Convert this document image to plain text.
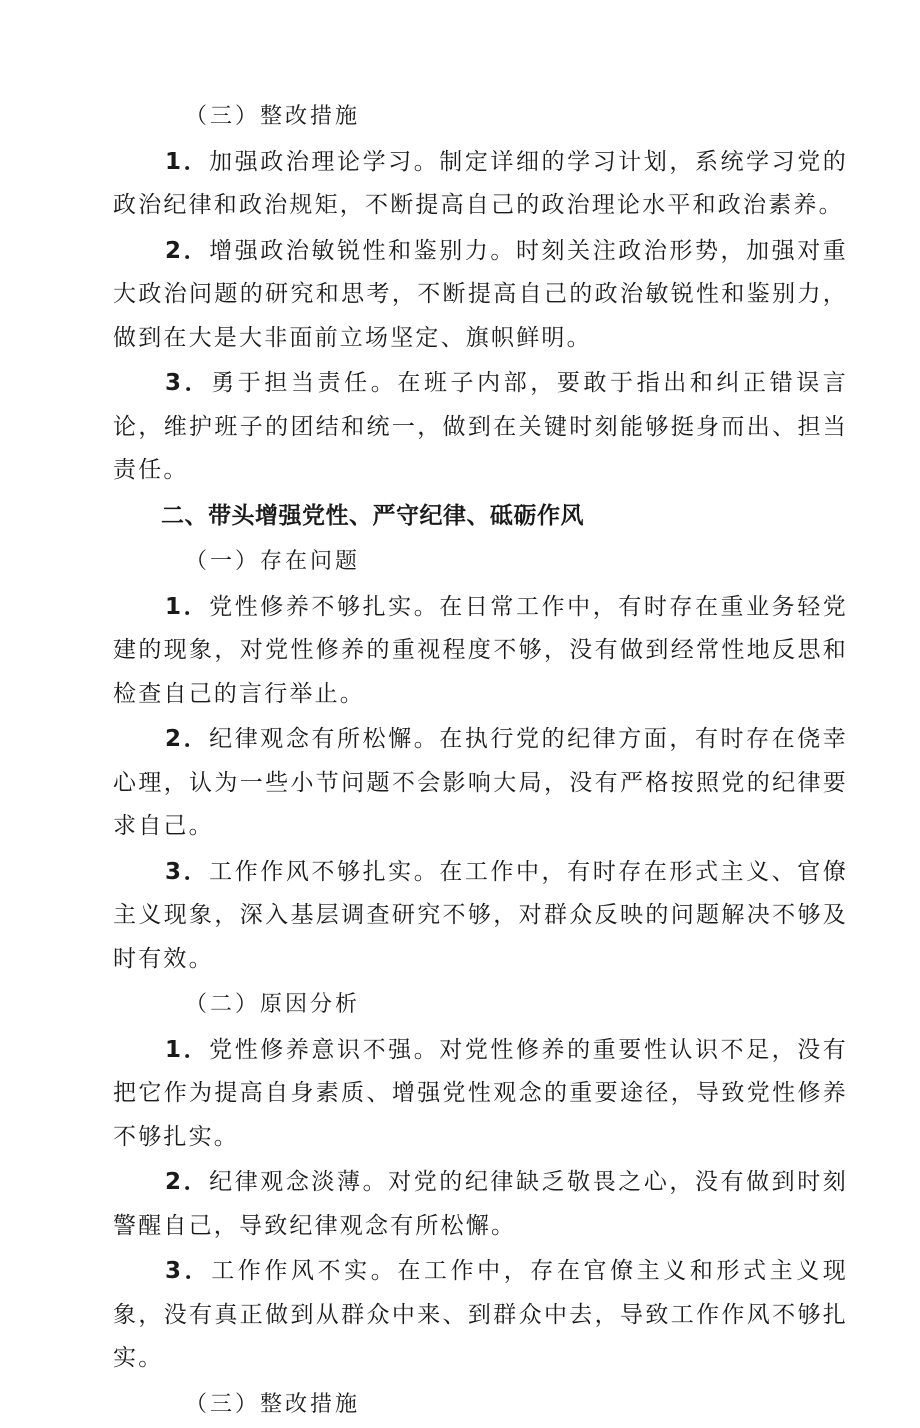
（三）整改措施

1．加强政治理论学习。制定详细的学习计划，系统学习党的政治纪律和政治规矩，不断提高自己的政治理论水平和政治素养。

2．增强政治敏锐性和鉴别力。时刻关注政治形势，加强对重大政治问题的研究和思考，不断提高自己的政治敏锐性和鉴别力，做到在大是大非面前立场坚定、旗帜鲜明。

3．勇于担当责任。在班子内部，要敢于指出和纠正错误言论，维护班子的团结和统一，做到在关键时刻能够挺身而出、担当责任。

二、带头增强党性、严守纪律、砥砺作风

（一）存在问题

1．党性修养不够扎实。在日常工作中，有时存在重业务轻党建的现象，对党性修养的重视程度不够，没有做到经常性地反思和检查自己的言行举止。

2．纪律观念有所松懈。在执行党的纪律方面，有时存在侥幸心理，认为一些小节问题不会影响大局，没有严格按照党的纪律要求自己。

3．工作作风不够扎实。在工作中，有时存在形式主义、官僚主义现象，深入基层调查研究不够，对群众反映的问题解决不够及时有效。

（二）原因分析

1．党性修养意识不强。对党性修养的重要性认识不足，没有把它作为提高自身素质、增强党性观念的重要途径，导致党性修养不够扎实。

2．纪律观念淡薄。对党的纪律缺乏敬畏之心，没有做到时刻警醒自己，导致纪律观念有所松懈。

3．工作作风不实。在工作中，存在官僚主义和形式主义现象，没有真正做到从群众中来、到群众中去，导致工作作风不够扎实。

（三）整改措施
